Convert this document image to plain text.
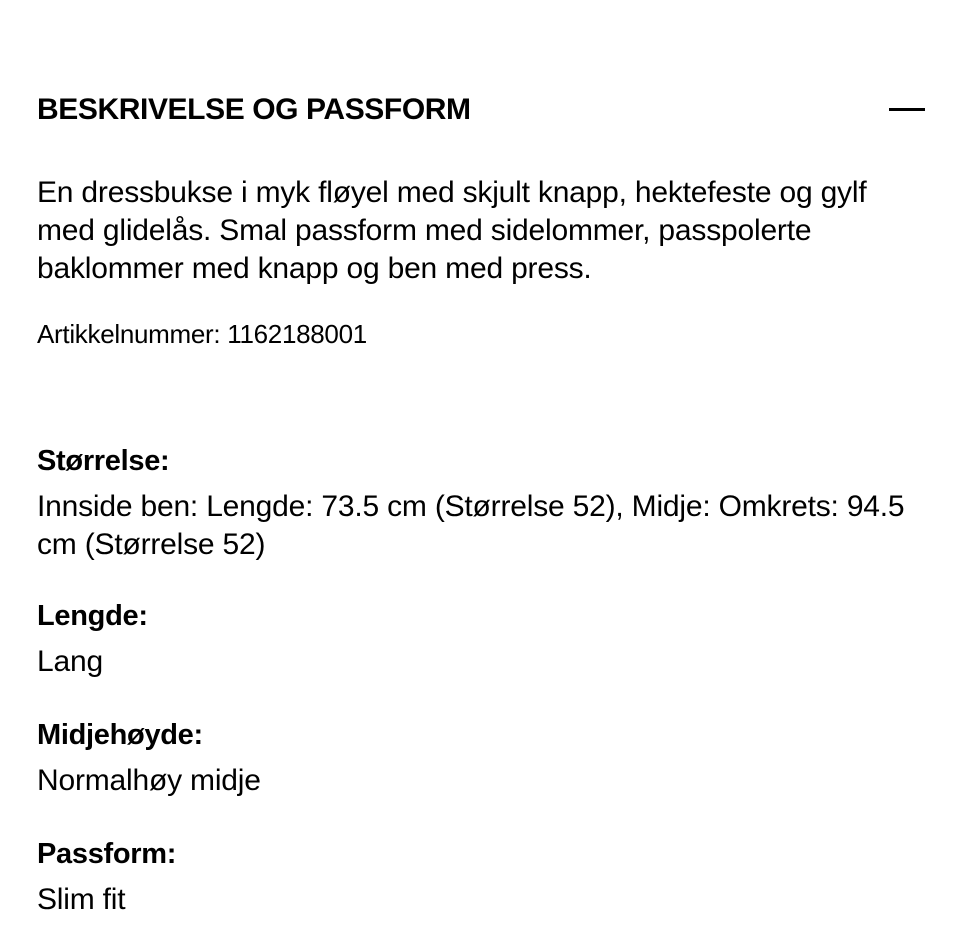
BESKRIVELSE OG PASSFORM

En dressbukse i myk fløyel med skjult knapp, hektefeste og gylf med glidelås. Smal passform med sidelommer, passpolerte baklommer med knapp og ben med press.

Artikkelnummer: 1162188001
Størrelse:
Innside ben: Lengde: 73.5 cm (Størrelse 52), Midje: Omkrets: 94.5 cm (Størrelse 52)
Lengde:
Lang
Midjehøyde:
Normalhøy midje
Passform:
Slim fit
